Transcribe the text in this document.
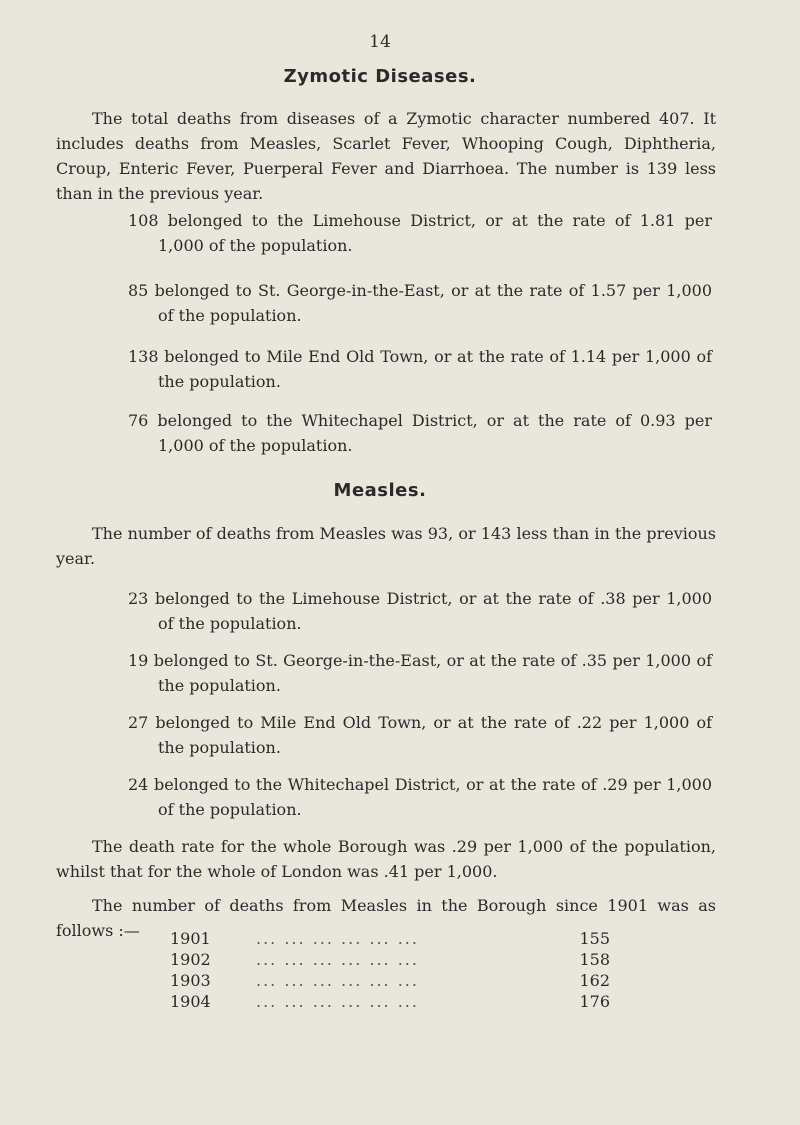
14
Zymotic Diseases.
The total deaths from diseases of a Zymotic character numbered 407. It includes deaths from Measles, Scarlet Fever, Whooping Cough, Diphtheria, Croup, Enteric Fever, Puerperal Fever and Diarrhoea. The number is 139 less than in the previous year.
108 belonged to the Limehouse District, or at the rate of 1.81 per 1,000 of the population.
85 belonged to St. George-in-the-East, or at the rate of 1.57 per 1,000 of the population.
138 belonged to Mile End Old Town, or at the rate of 1.14 per 1,000 of the population.
76 belonged to the Whitechapel District, or at the rate of 0.93 per 1,000 of the population.
Measles.
The number of deaths from Measles was 93, or 143 less than in the previous year.
23 belonged to the Limehouse District, or at the rate of .38 per 1,000 of the population.
19 belonged to St. George-in-the-East, or at the rate of .35 per 1,000 of the population.
27 belonged to Mile End Old Town, or at the rate of .22 per 1,000 of the population.
24 belonged to the Whitechapel District, or at the rate of .29 per 1,000 of the population.
The death rate for the whole Borough was .29 per 1,000 of the population, whilst that for the whole of London was .41 per 1,000.
The number of deaths from Measles in the Borough since 1901 was as follows :—	1901	... ... ... ... ... ...	155
1902	... ... ... ... ... ...	158
1903	... ... ... ... ... ...	162
1904	... ... ... ... ... ...	176
